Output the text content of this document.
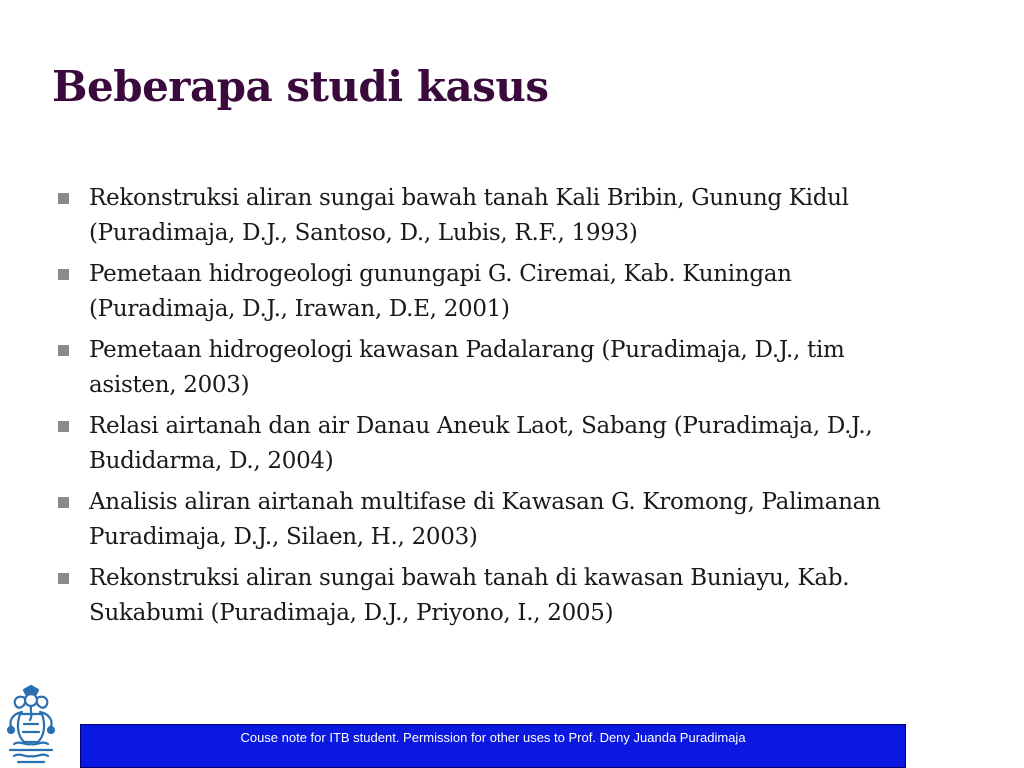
Beberapa studi kasus
Rekonstruksi aliran sungai bawah tanah Kali Bribin, Gunung Kidul
(Puradimaja, D.J., Santoso, D., Lubis, R.F., 1993)
Pemetaan hidrogeologi gunungapi G. Ciremai, Kab. Kuningan
(Puradimaja, D.J., Irawan, D.E, 2001)
Pemetaan hidrogeologi kawasan Padalarang (Puradimaja, D.J., tim
asisten, 2003)
Relasi airtanah dan air Danau Aneuk Laot, Sabang (Puradimaja, D.J.,
Budidarma, D., 2004)
Analisis aliran airtanah multifase di Kawasan G. Kromong, Palimanan
Puradimaja, D.J., Silaen, H., 2003)
Rekonstruksi aliran sungai bawah tanah di kawasan Buniayu, Kab.
Sukabumi (Puradimaja, D.J., Priyono, I., 2005)
Couse note for ITB student. Permission for other uses to Prof. Deny Juanda Puradimaja
